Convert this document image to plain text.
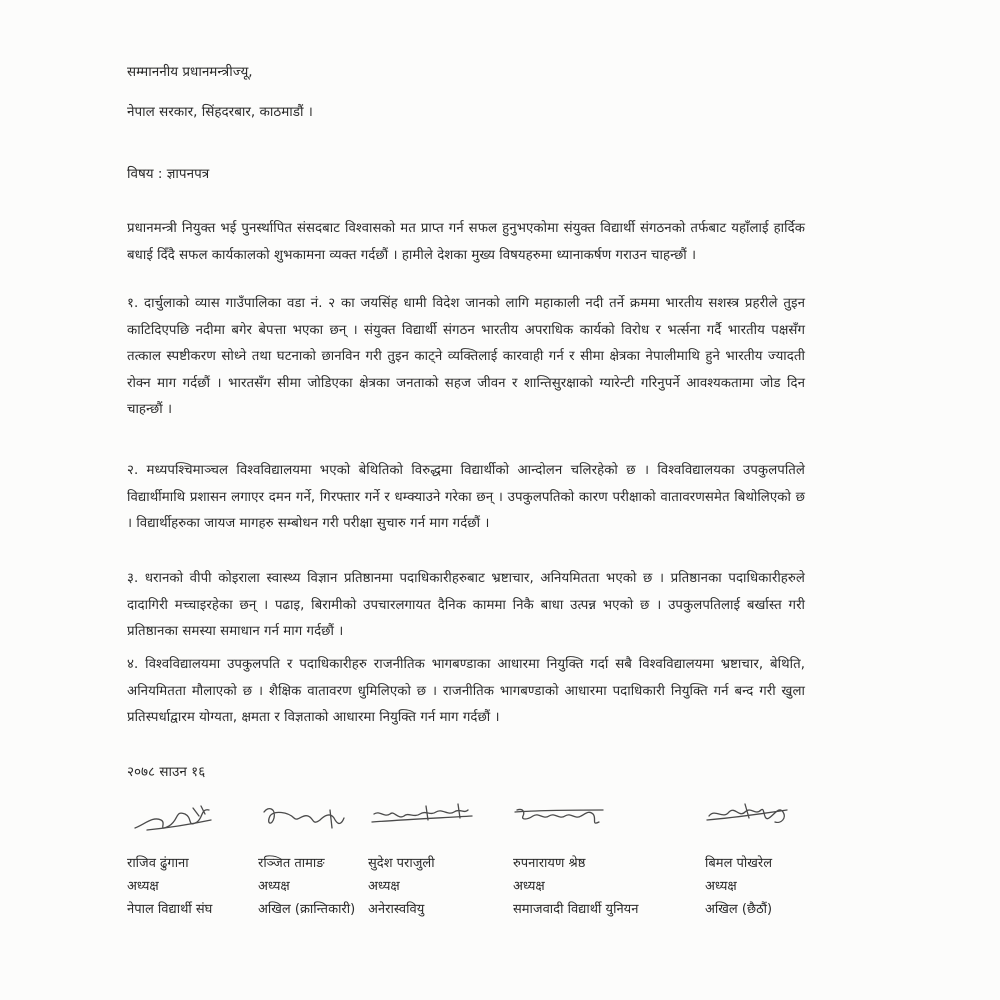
सम्माननीय प्रधानमन्त्रीज्यू,
नेपाल सरकार, सिंहदरबार, काठमाडौं ।
विषय : ज्ञापनपत्र
प्रधानमन्त्री नियुक्त भई पुनर्स्थापित संसदबाट विश्वासको मत प्राप्त गर्न सफल हुनुभएकोमा संयुक्त विद्यार्थी संगठनको तर्फबाट यहाँलाई हार्दिक बधाई दिँदै सफल कार्यकालको शुभकामना व्यक्त गर्दछौं । हामीले देशका मुख्य विषयहरुमा ध्यानाकर्षण गराउन चाहन्छौं ।
१. दार्चुलाको व्यास गाउँपालिका वडा नं. २ का जयसिंह धामी विदेश जानको लागि महाकाली नदी तर्ने क्रममा भारतीय सशस्त्र प्रहरीले तुइन काटिदिएपछि नदीमा बगेर बेपत्ता भएका छन् । संयुक्त विद्यार्थी संगठन भारतीय अपराधिक कार्यको विरोध र भर्त्सना गर्दै भारतीय पक्षसँग तत्काल स्पष्टीकरण सोध्ने तथा घटनाको छानविन गरी तुइन काट्ने व्यक्तिलाई कारवाही गर्न र सीमा क्षेत्रका नेपालीमाथि हुने भारतीय ज्यादती रोक्न माग गर्दछौं । भारतसँग सीमा जोडिएका क्षेत्रका जनताको सहज जीवन र शान्तिसुरक्षाको ग्यारेन्टी गरिनुपर्ने आवश्यकतामा जोड दिन चाहन्छौं ।
२. मध्यपश्चिमाञ्चल विश्वविद्यालयमा भएको बेथितिको विरुद्धमा विद्यार्थीको आन्दोलन चलिरहेको छ । विश्वविद्यालयका उपकुलपतिले विद्यार्थीमाथि प्रशासन लगाएर दमन गर्ने, गिरफ्तार गर्ने र धम्क्याउने गरेका छन् । उपकुलपतिको कारण परीक्षाको वातावरणसमेत बिथोलिएको छ । विद्यार्थीहरुका जायज मागहरु सम्बोधन गरी परीक्षा सुचारु गर्न माग गर्दछौं ।
३. धरानको वीपी कोइराला स्वास्थ्य विज्ञान प्रतिष्ठानमा पदाधिकारीहरुबाट भ्रष्टाचार, अनियमितता भएको छ । प्रतिष्ठानका पदाधिकारीहरुले दादागिरी मच्चाइरहेका छन् । पढाइ, बिरामीको उपचारलगायत दैनिक काममा निकै बाधा उत्पन्न भएको छ । उपकुलपतिलाई बर्खास्त गरी प्रतिष्ठानका समस्या समाधान गर्न माग गर्दछौं ।
४. विश्वविद्यालयमा उपकुलपति र पदाधिकारीहरु राजनीतिक भागबण्डाका आधारमा नियुक्ति गर्दा सबै विश्वविद्यालयमा भ्रष्टाचार, बेथिति, अनियमितता मौलाएको छ । शैक्षिक वातावरण धुमिलिएको छ । राजनीतिक भागबण्डाको आधारमा पदाधिकारी नियुक्ति गर्न बन्द गरी खुला प्रतिस्पर्धाद्वारम योग्यता, क्षमता र विज्ञताको आधारमा नियुक्ति गर्न माग गर्दछौं ।
२०७८ साउन १६
राजिव ढुंगाना
अध्यक्ष
नेपाल विद्यार्थी संघ
रञ्जित तामाङ
अध्यक्ष
अखिल (क्रान्तिकारी)
सुदेश पराजुली
अध्यक्ष
अनेरास्ववियु
रुपनारायण श्रेष्ठ
अध्यक्ष
समाजवादी विद्यार्थी युनियन
बिमल पोखरेल
अध्यक्ष
अखिल (छैठौं)
